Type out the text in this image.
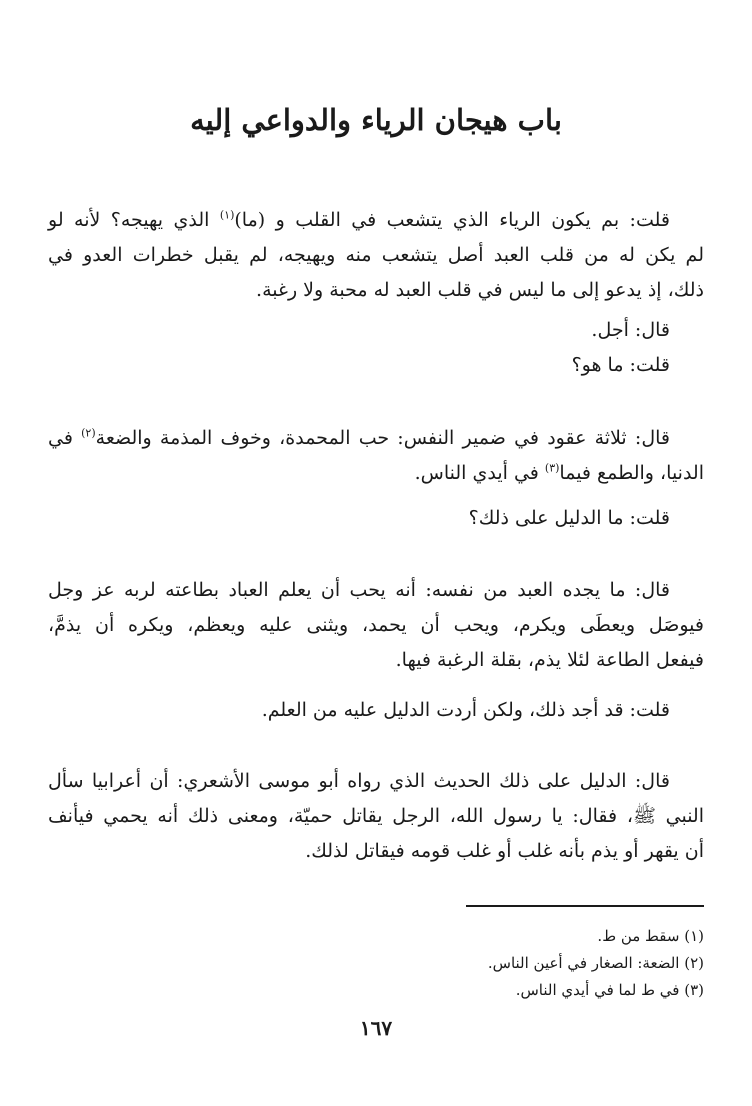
باب هيجان الرياء والدواعي إليه
قلت: بم يكون الرياء الذي يتشعب في القلب و (ما)$^{(١)}$ الذي يهيجه؟ لأنه لو
لم يكن له من قلب العبد أصل يتشعب منه ويهيجه، لم يقبل خطرات العدو في
ذلك، إذ يدعو إلى ما ليس في قلب العبد له محبة ولا رغبة.

قال: أجل.

قلت: ما هو؟

قال: ثلاثة عقود في ضمير النفس: حب المحمدة، وخوف المذمة والضعة$^{(٢)}$ في
الدنيا، والطمع فيما$^{(٣)}$ في أيدي الناس.

قلت: ما الدليل على ذلك؟

قال: ما يجده العبد من نفسه: أنه يحب أن يعلم العباد بطاعته لربه عز وجل
فيوصَل ويعطَى ويكرم، ويحب أن يحمد، ويثنى عليه ويعظم، ويكره أن يذمَّ،
فيفعل الطاعة لئلا يذم، بقلة الرغبة فيها.

قلت: قد أجد ذلك، ولكن أردت الدليل عليه من العلم.

قال: الدليل على ذلك الحديث الذي رواه أبو موسى الأشعري: أن أعرابيا سأل
النبي ﷺ، فقال: يا رسول الله، الرجل يقاتل حميّة، ومعنى ذلك أنه يحمي فيأنف
أن يقهر أو يذم بأنه غلب أو غلب قومه فيقاتل لذلك.

(١) سقط من ط.

(٢) الضعة: الصغار في أعين الناس.

(٣) في ط لما في أيدي الناس.

١٦٧
